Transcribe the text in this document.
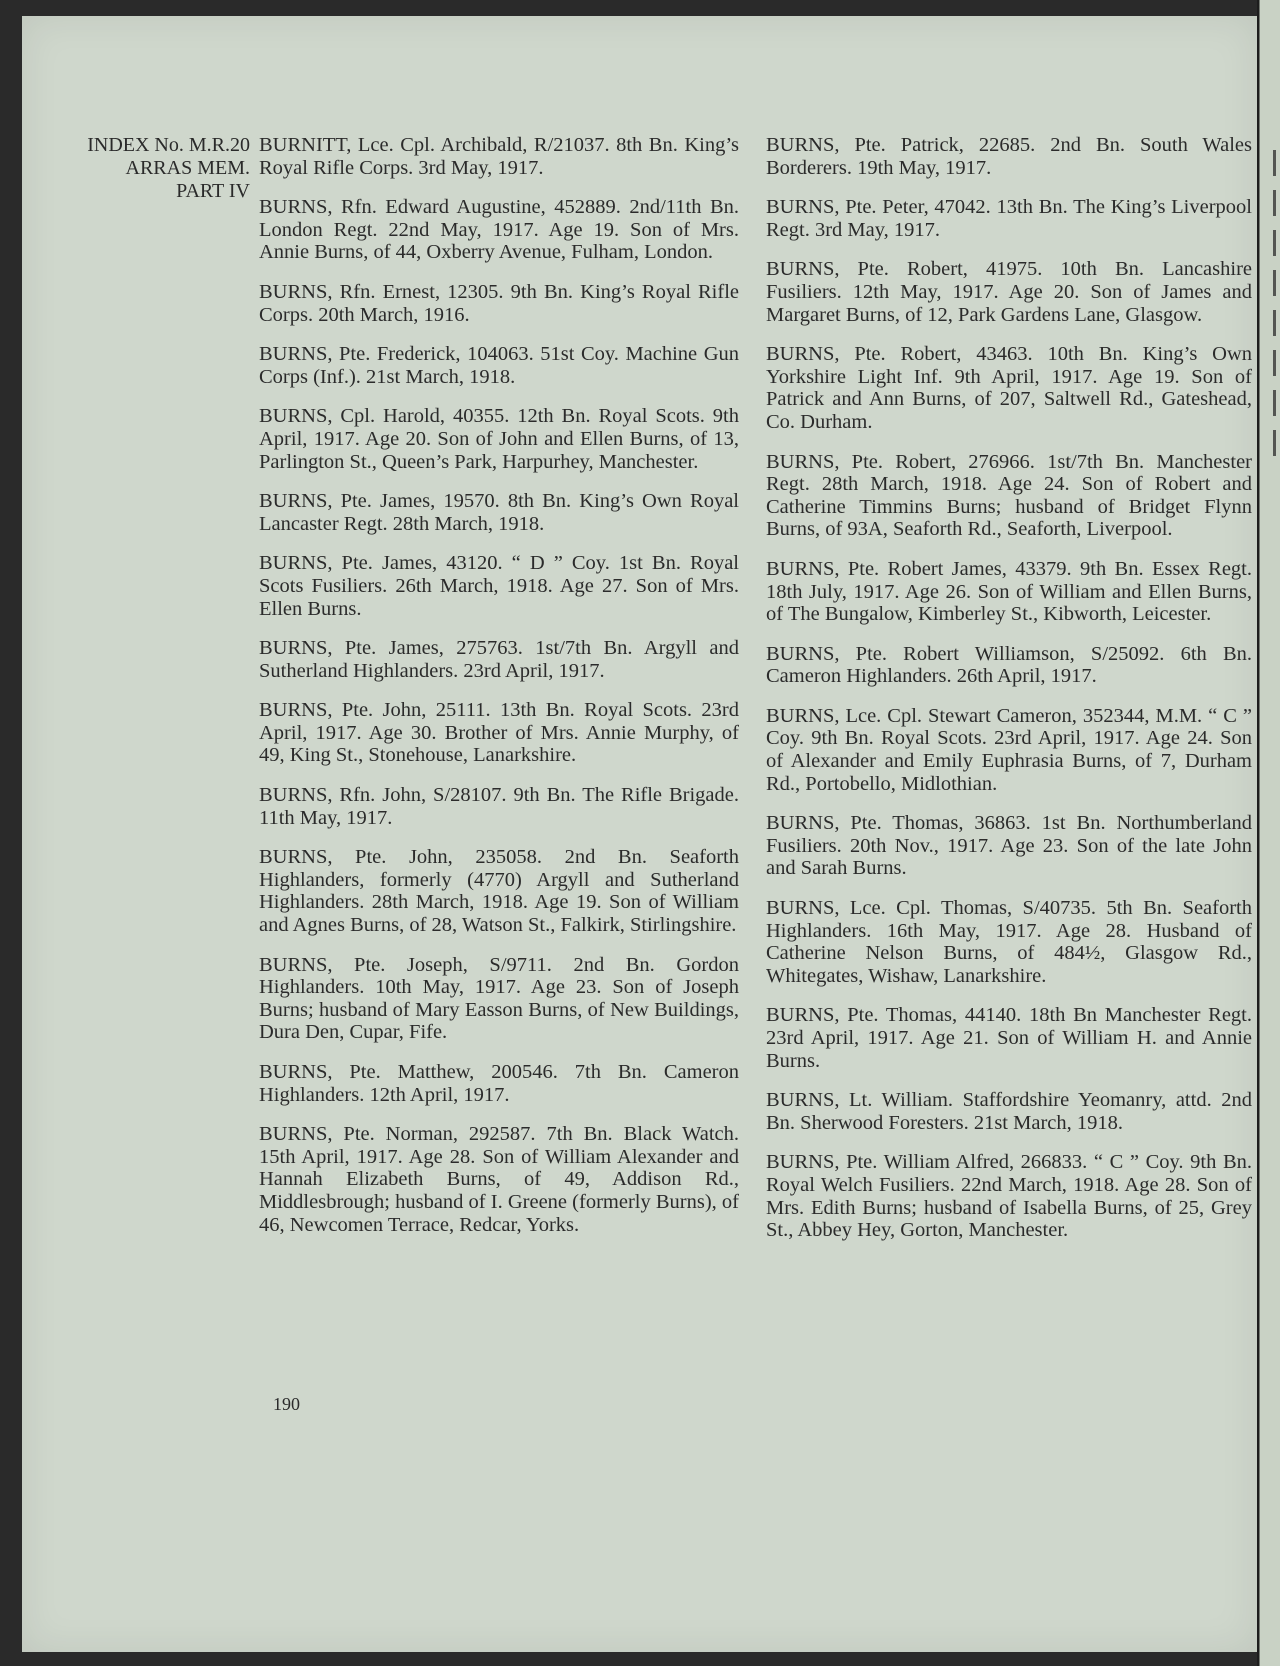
INDEX No. M.R.20
ARRAS MEM.
PART IV

BURNITT, Lce. Cpl. Archibald, R/21037. 8th Bn. King’s Royal Rifle Corps. 3rd May, 1917.

BURNS, Rfn. Edward Augustine, 452889. 2nd/11th Bn. London Regt. 22nd May, 1917. Age 19. Son of Mrs. Annie Burns, of 44, Oxberry Avenue, Fulham, London.

BURNS, Rfn. Ernest, 12305. 9th Bn. King’s Royal Rifle Corps. 20th March, 1916.

BURNS, Pte. Frederick, 104063. 51st Coy. Machine Gun Corps (Inf.). 21st March, 1918.

BURNS, Cpl. Harold, 40355. 12th Bn. Royal Scots. 9th April, 1917. Age 20. Son of John and Ellen Burns, of 13, Parlington St., Queen’s Park, Harpurhey, Manchester.

BURNS, Pte. James, 19570. 8th Bn. King’s Own Royal Lancaster Regt. 28th March, 1918.

BURNS, Pte. James, 43120. “ D ” Coy. 1st Bn. Royal Scots Fusiliers. 26th March, 1918. Age 27. Son of Mrs. Ellen Burns.

BURNS, Pte. James, 275763. 1st/7th Bn. Argyll and Sutherland Highlanders. 23rd April, 1917.

BURNS, Pte. John, 25111. 13th Bn. Royal Scots. 23rd April, 1917. Age 30. Brother of Mrs. Annie Murphy, of 49, King St., Stonehouse, Lanarkshire.

BURNS, Rfn. John, S/28107. 9th Bn. The Rifle Brigade. 11th May, 1917.

BURNS, Pte. John, 235058. 2nd Bn. Seaforth Highlanders, formerly (4770) Argyll and Sutherland Highlanders. 28th March, 1918. Age 19. Son of William and Agnes Burns, of 28, Watson St., Falkirk, Stirlingshire.

BURNS, Pte. Joseph, S/9711. 2nd Bn. Gordon Highlanders. 10th May, 1917. Age 23. Son of Joseph Burns; husband of Mary Easson Burns, of New Buildings, Dura Den, Cupar, Fife.

BURNS, Pte. Matthew, 200546. 7th Bn. Cameron Highlanders. 12th April, 1917.

BURNS, Pte. Norman, 292587. 7th Bn. Black Watch. 15th April, 1917. Age 28. Son of William Alexander and Hannah Elizabeth Burns, of 49, Addison Rd., Middlesbrough; husband of I. Greene (formerly Burns), of 46, Newcomen Terrace, Redcar, Yorks.

BURNS, Pte. Patrick, 22685. 2nd Bn. South Wales Borderers. 19th May, 1917.

BURNS, Pte. Peter, 47042. 13th Bn. The King’s Liverpool Regt. 3rd May, 1917.

BURNS, Pte. Robert, 41975. 10th Bn. Lancashire Fusiliers. 12th May, 1917. Age 20. Son of James and Margaret Burns, of 12, Park Gardens Lane, Glasgow.

BURNS, Pte. Robert, 43463. 10th Bn. King’s Own Yorkshire Light Inf. 9th April, 1917. Age 19. Son of Patrick and Ann Burns, of 207, Saltwell Rd., Gateshead, Co. Durham.

BURNS, Pte. Robert, 276966. 1st/7th Bn. Manchester Regt. 28th March, 1918. Age 24. Son of Robert and Catherine Timmins Burns; husband of Bridget Flynn Burns, of 93A, Seaforth Rd., Seaforth, Liverpool.

BURNS, Pte. Robert James, 43379. 9th Bn. Essex Regt. 18th July, 1917. Age 26. Son of William and Ellen Burns, of The Bungalow, Kimberley St., Kibworth, Leicester.

BURNS, Pte. Robert Williamson, S/25092. 6th Bn. Cameron Highlanders. 26th April, 1917.

BURNS, Lce. Cpl. Stewart Cameron, 352344, M.M. “ C ” Coy. 9th Bn. Royal Scots. 23rd April, 1917. Age 24. Son of Alexander and Emily Euphrasia Burns, of 7, Durham Rd., Portobello, Midlothian.

BURNS, Pte. Thomas, 36863. 1st Bn. Northumberland Fusiliers. 20th Nov., 1917. Age 23. Son of the late John and Sarah Burns.

BURNS, Lce. Cpl. Thomas, S/40735. 5th Bn. Seaforth Highlanders. 16th May, 1917. Age 28. Husband of Catherine Nelson Burns, of 484½, Glasgow Rd., Whitegates, Wishaw, Lanarkshire.

BURNS, Pte. Thomas, 44140. 18th Bn Manchester Regt. 23rd April, 1917. Age 21. Son of William H. and Annie Burns.

BURNS, Lt. William. Staffordshire Yeomanry, attd. 2nd Bn. Sherwood Foresters. 21st March, 1918.

BURNS, Pte. William Alfred, 266833. “ C ” Coy. 9th Bn. Royal Welch Fusiliers. 22nd March, 1918. Age 28. Son of Mrs. Edith Burns; husband of Isabella Burns, of 25, Grey St., Abbey Hey, Gorton, Manchester.

190
